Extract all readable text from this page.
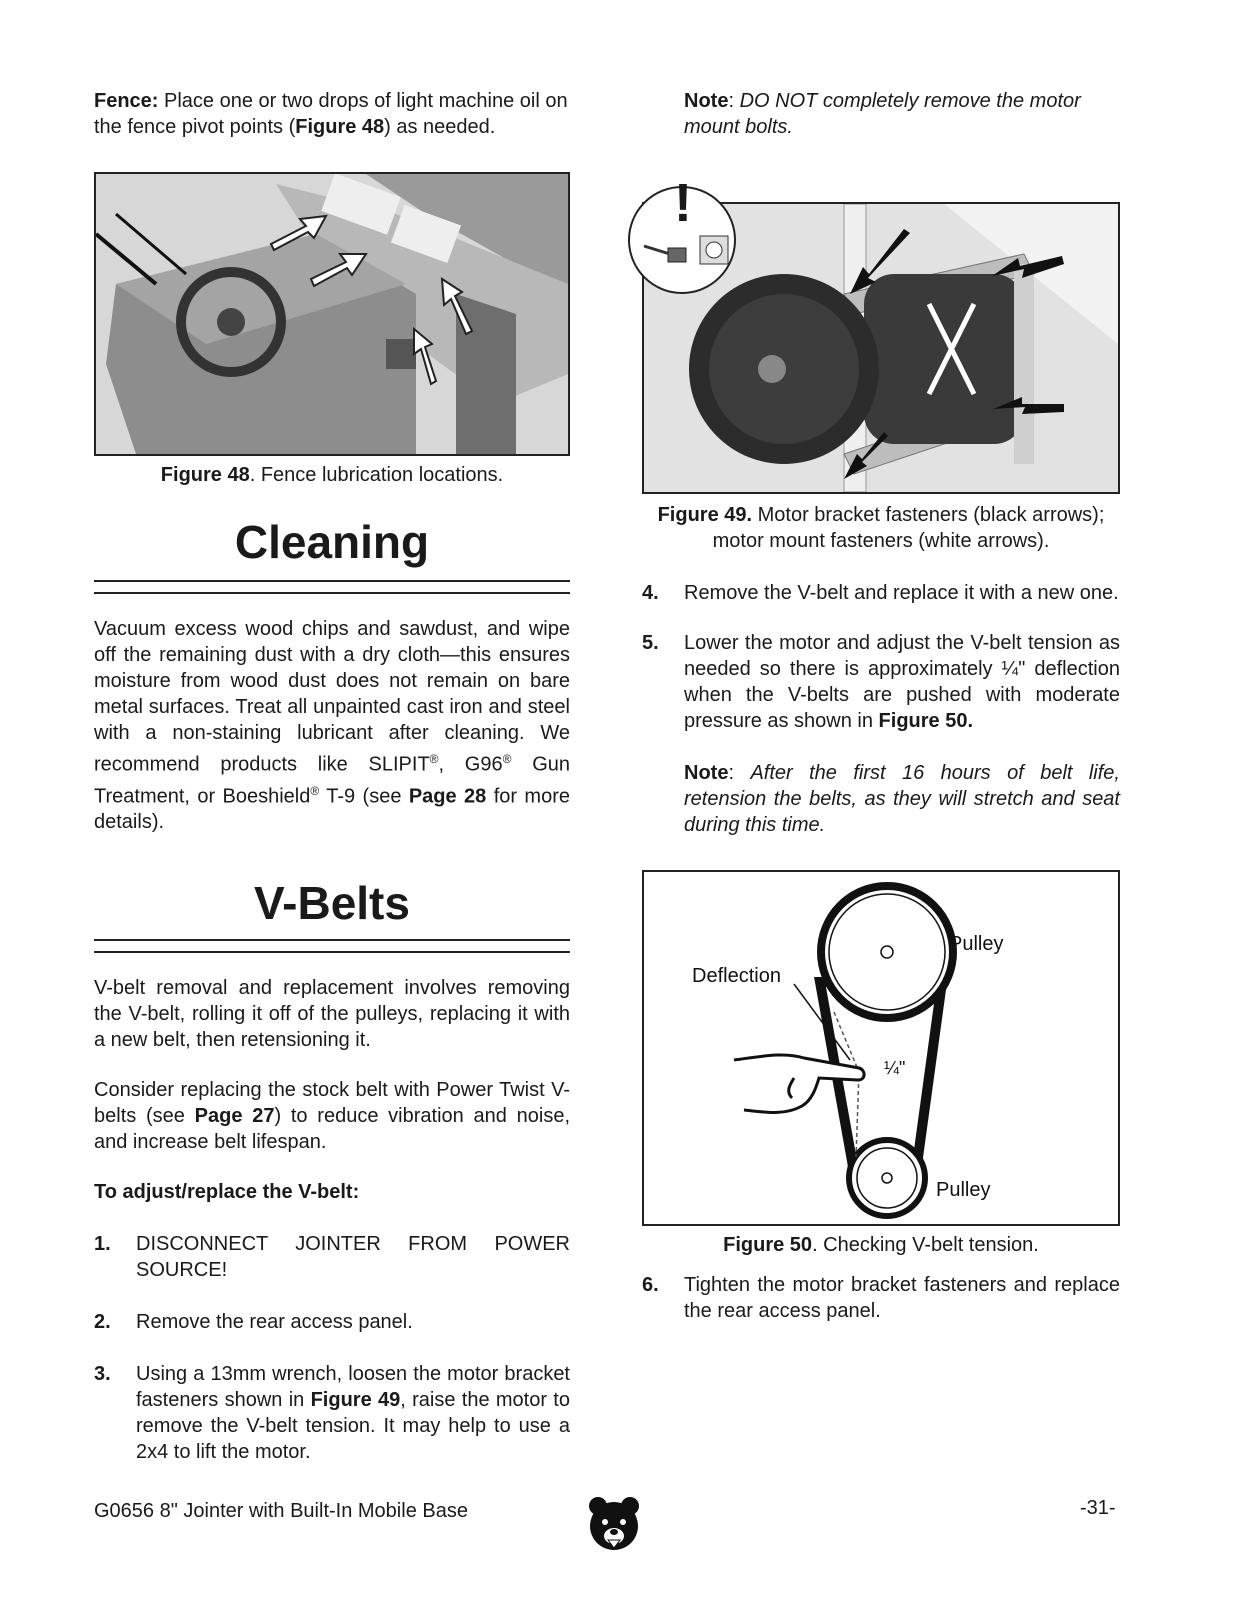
Fence: Place one or two drops of light machine oil on the fence pivot points (Figure 48) as needed.

Figure 48. Fence lubrication locations.
Cleaning

Vacuum excess wood chips and sawdust, and wipe off the remaining dust with a dry cloth—this ensures moisture from wood dust does not remain on bare metal surfaces. Treat all unpainted cast iron and steel with a non-staining lubricant after cleaning. We recommend products like SLIPIT®, G96® Gun Treatment, or Boeshield® T-9 (see Page 28 for more details).

V-Belts

V-belt removal and replacement involves removing the V-belt, rolling it off of the pulleys, replacing it with a new belt, then retensioning it.

Consider replacing the stock belt with Power Twist V-belts (see Page 27) to reduce vibration and noise, and increase belt lifespan.

To adjust/replace the V-belt:

1. DISCONNECT JOINTER FROM POWER SOURCE!
2. Remove the rear access panel.
3. Using a 13mm wrench, loosen the motor bracket fasteners shown in Figure 49, raise the motor to remove the V-belt tension. It may help to use a 2x4 to lift the motor.
Note: DO NOT completely remove the motor mount bolts.
!
Figure 49. Motor bracket fasteners (black arrows); motor mount fasteners (white arrows).
4. Remove the V-belt and replace it with a new one.
5. Lower the motor and adjust the V-belt tension as needed so there is approximately ¼" deflection when the V-belts are pushed with moderate pressure as shown in Figure 50.
Note: After the first 16 hours of belt life, retension the belts, as they will stretch and seat during this time.
Pulley
Pulley
Deflection
¼"
Figure 50. Checking V-belt tension.
6. Tighten the motor bracket fasteners and replace the rear access panel.
G0656 8" Jointer with Built-In Mobile Base	-31-
